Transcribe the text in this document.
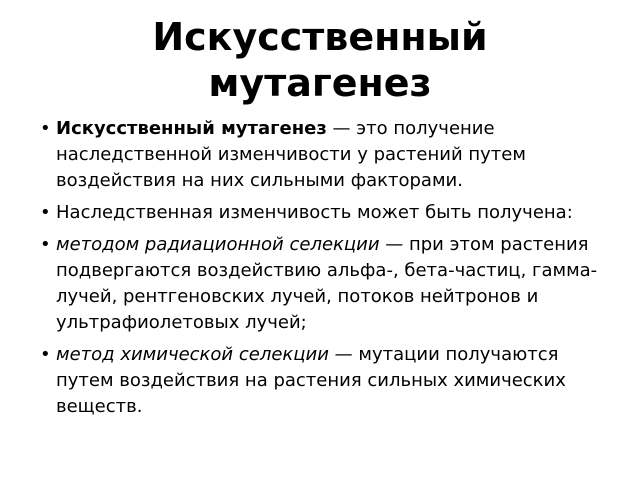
Искусственный
мутагенез
• Искусственный мутагенез — это получение наследственной изменчивости у растений путем воздействия на них сильными факторами.
• Наследственная изменчивость может быть получена:
• методом радиационной селекции — при этом растения подвергаются воздействию альфа-, бета-частиц, гамма-лучей, рентгеновских лучей, потоков нейтронов и ультрафиолетовых лучей;
• метод химической селекции — мутации получаются путем воздействия на растения сильных химических веществ.
